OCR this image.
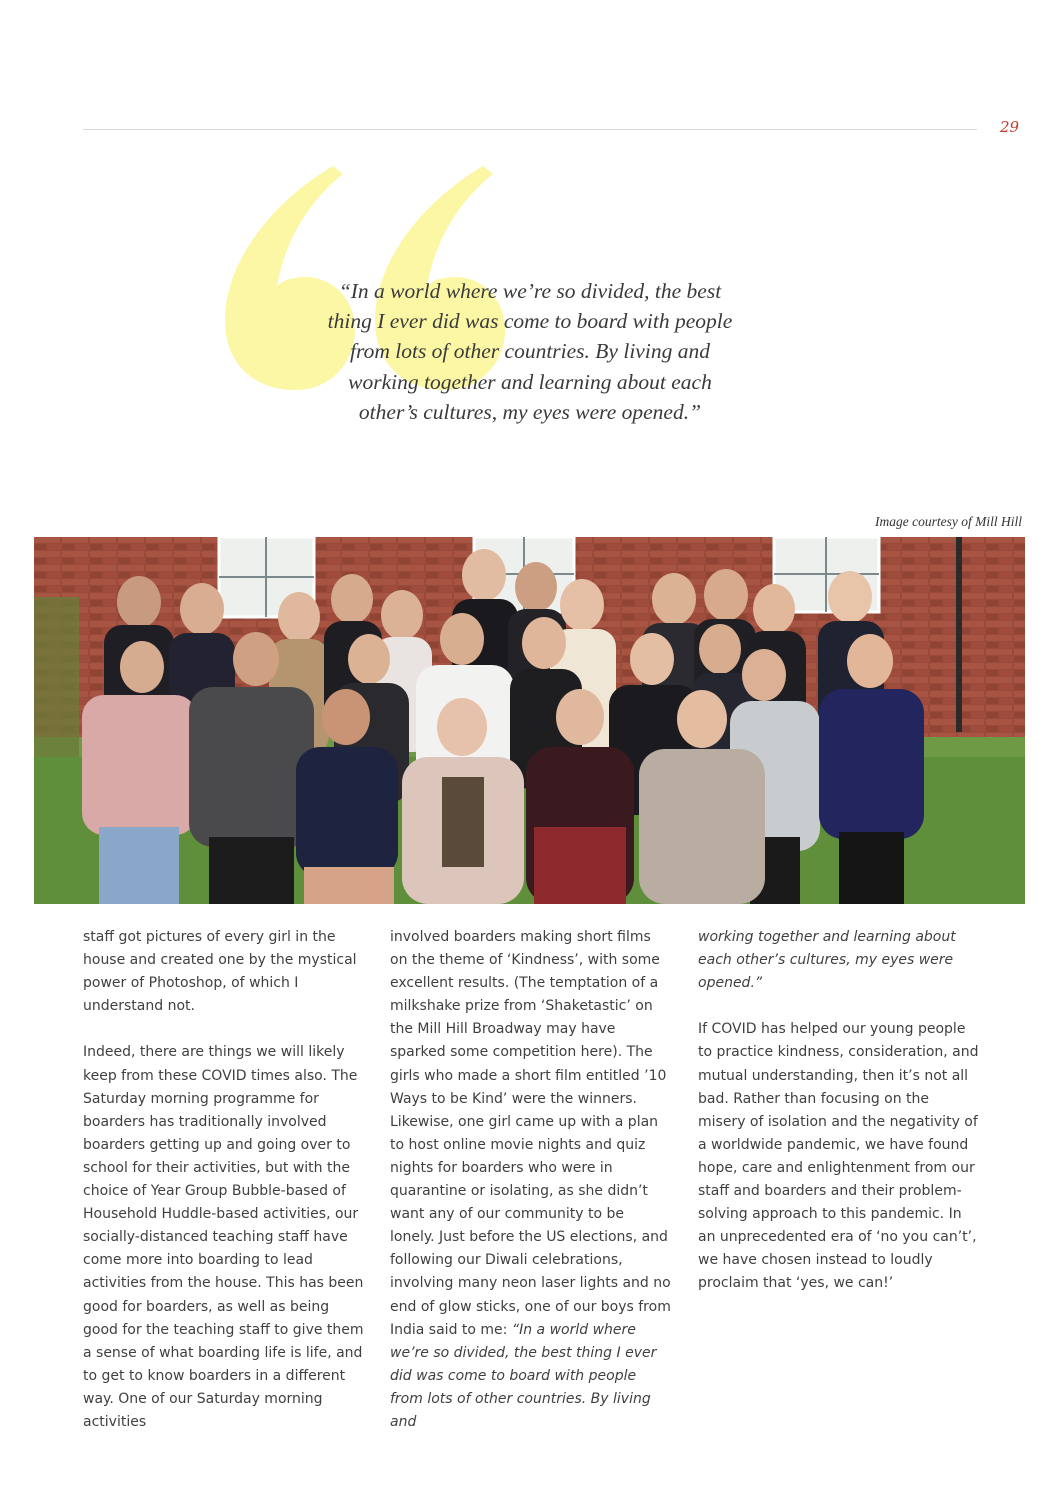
29
“In a world where we’re so divided, the best
thing I ever did was come to board with people
from lots of other countries. By living and
working together and learning about each
other’s cultures, my eyes were opened.”
Image courtesy of Mill Hill

staff got pictures of every girl in the house and created one by the mystical power of Photoshop, of which I understand not.

Indeed, there are things we will likely keep from these COVID times also. The Saturday morning programme for boarders has traditionally involved boarders getting up and going over to school for their activities, but with the choice of Year Group Bubble-based of Household Huddle-based activities, our socially-distanced teaching staff have come more into boarding to lead activities from the house. This has been good for boarders, as well as being good for the teaching staff to give them a sense of what boarding life is life, and to get to know boarders in a different way. One of our Saturday morning activities

involved boarders making short films on the theme of ‘Kindness’, with some excellent results. (The temptation of a milkshake prize from ‘Shaketastic’ on the Mill Hill Broadway may have sparked some competition here). The girls who made a short film entitled ’10 Ways to be Kind’ were the winners. Likewise, one girl came up with a plan to host online movie nights and quiz nights for boarders who were in quarantine or isolating, as she didn’t want any of our community to be lonely. Just before the US elections, and following our Diwali celebrations, involving many neon laser lights and no end of glow sticks, one of our boys from India said to me: “In a world where we’re so divided, the best thing I ever did was come to board with people from lots of other countries. By living and

working together and learning about each other’s cultures, my eyes were opened.”

If COVID has helped our young people to practice kindness, consideration, and mutual understanding, then it’s not all bad. Rather than focusing on the misery of isolation and the negativity of a worldwide pandemic, we have found hope, care and enlightenment from our staff and boarders and their problem-solving approach to this pandemic. In an unprecedented era of ‘no you can’t’, we have chosen instead to loudly proclaim that ‘yes, we can!’
